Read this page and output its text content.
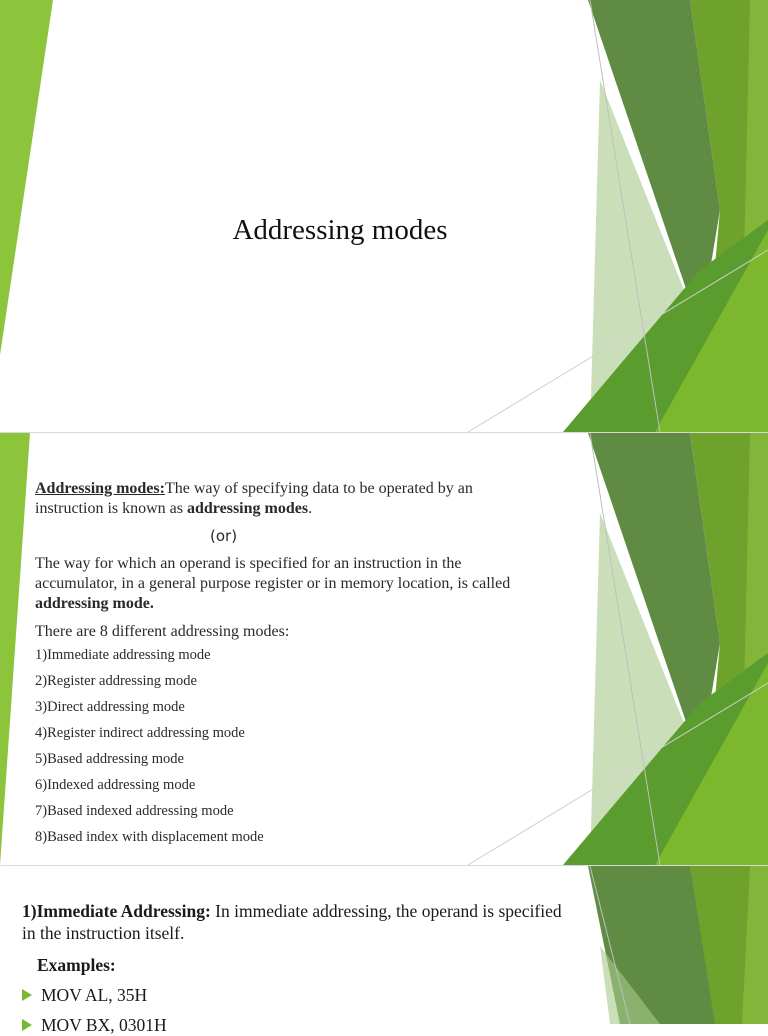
Addressing modes

Addressing modes:The way of specifying data to be operated by an instruction is known as addressing modes.

(or)

The way for which an operand is specified for an instruction in the accumulator, in a general purpose register or in memory location, is called addressing mode.

There are 8 different addressing modes:

1)Immediate addressing mode

2)Register addressing mode

3)Direct addressing mode

4)Register indirect addressing mode

5)Based addressing mode

6)Indexed addressing mode

7)Based indexed addressing mode

8)Based index with displacement mode

1)Immediate Addressing: In immediate addressing, the operand is specified in the instruction itself.

Examples:

MOV AL, 35H

MOV BX, 0301H
